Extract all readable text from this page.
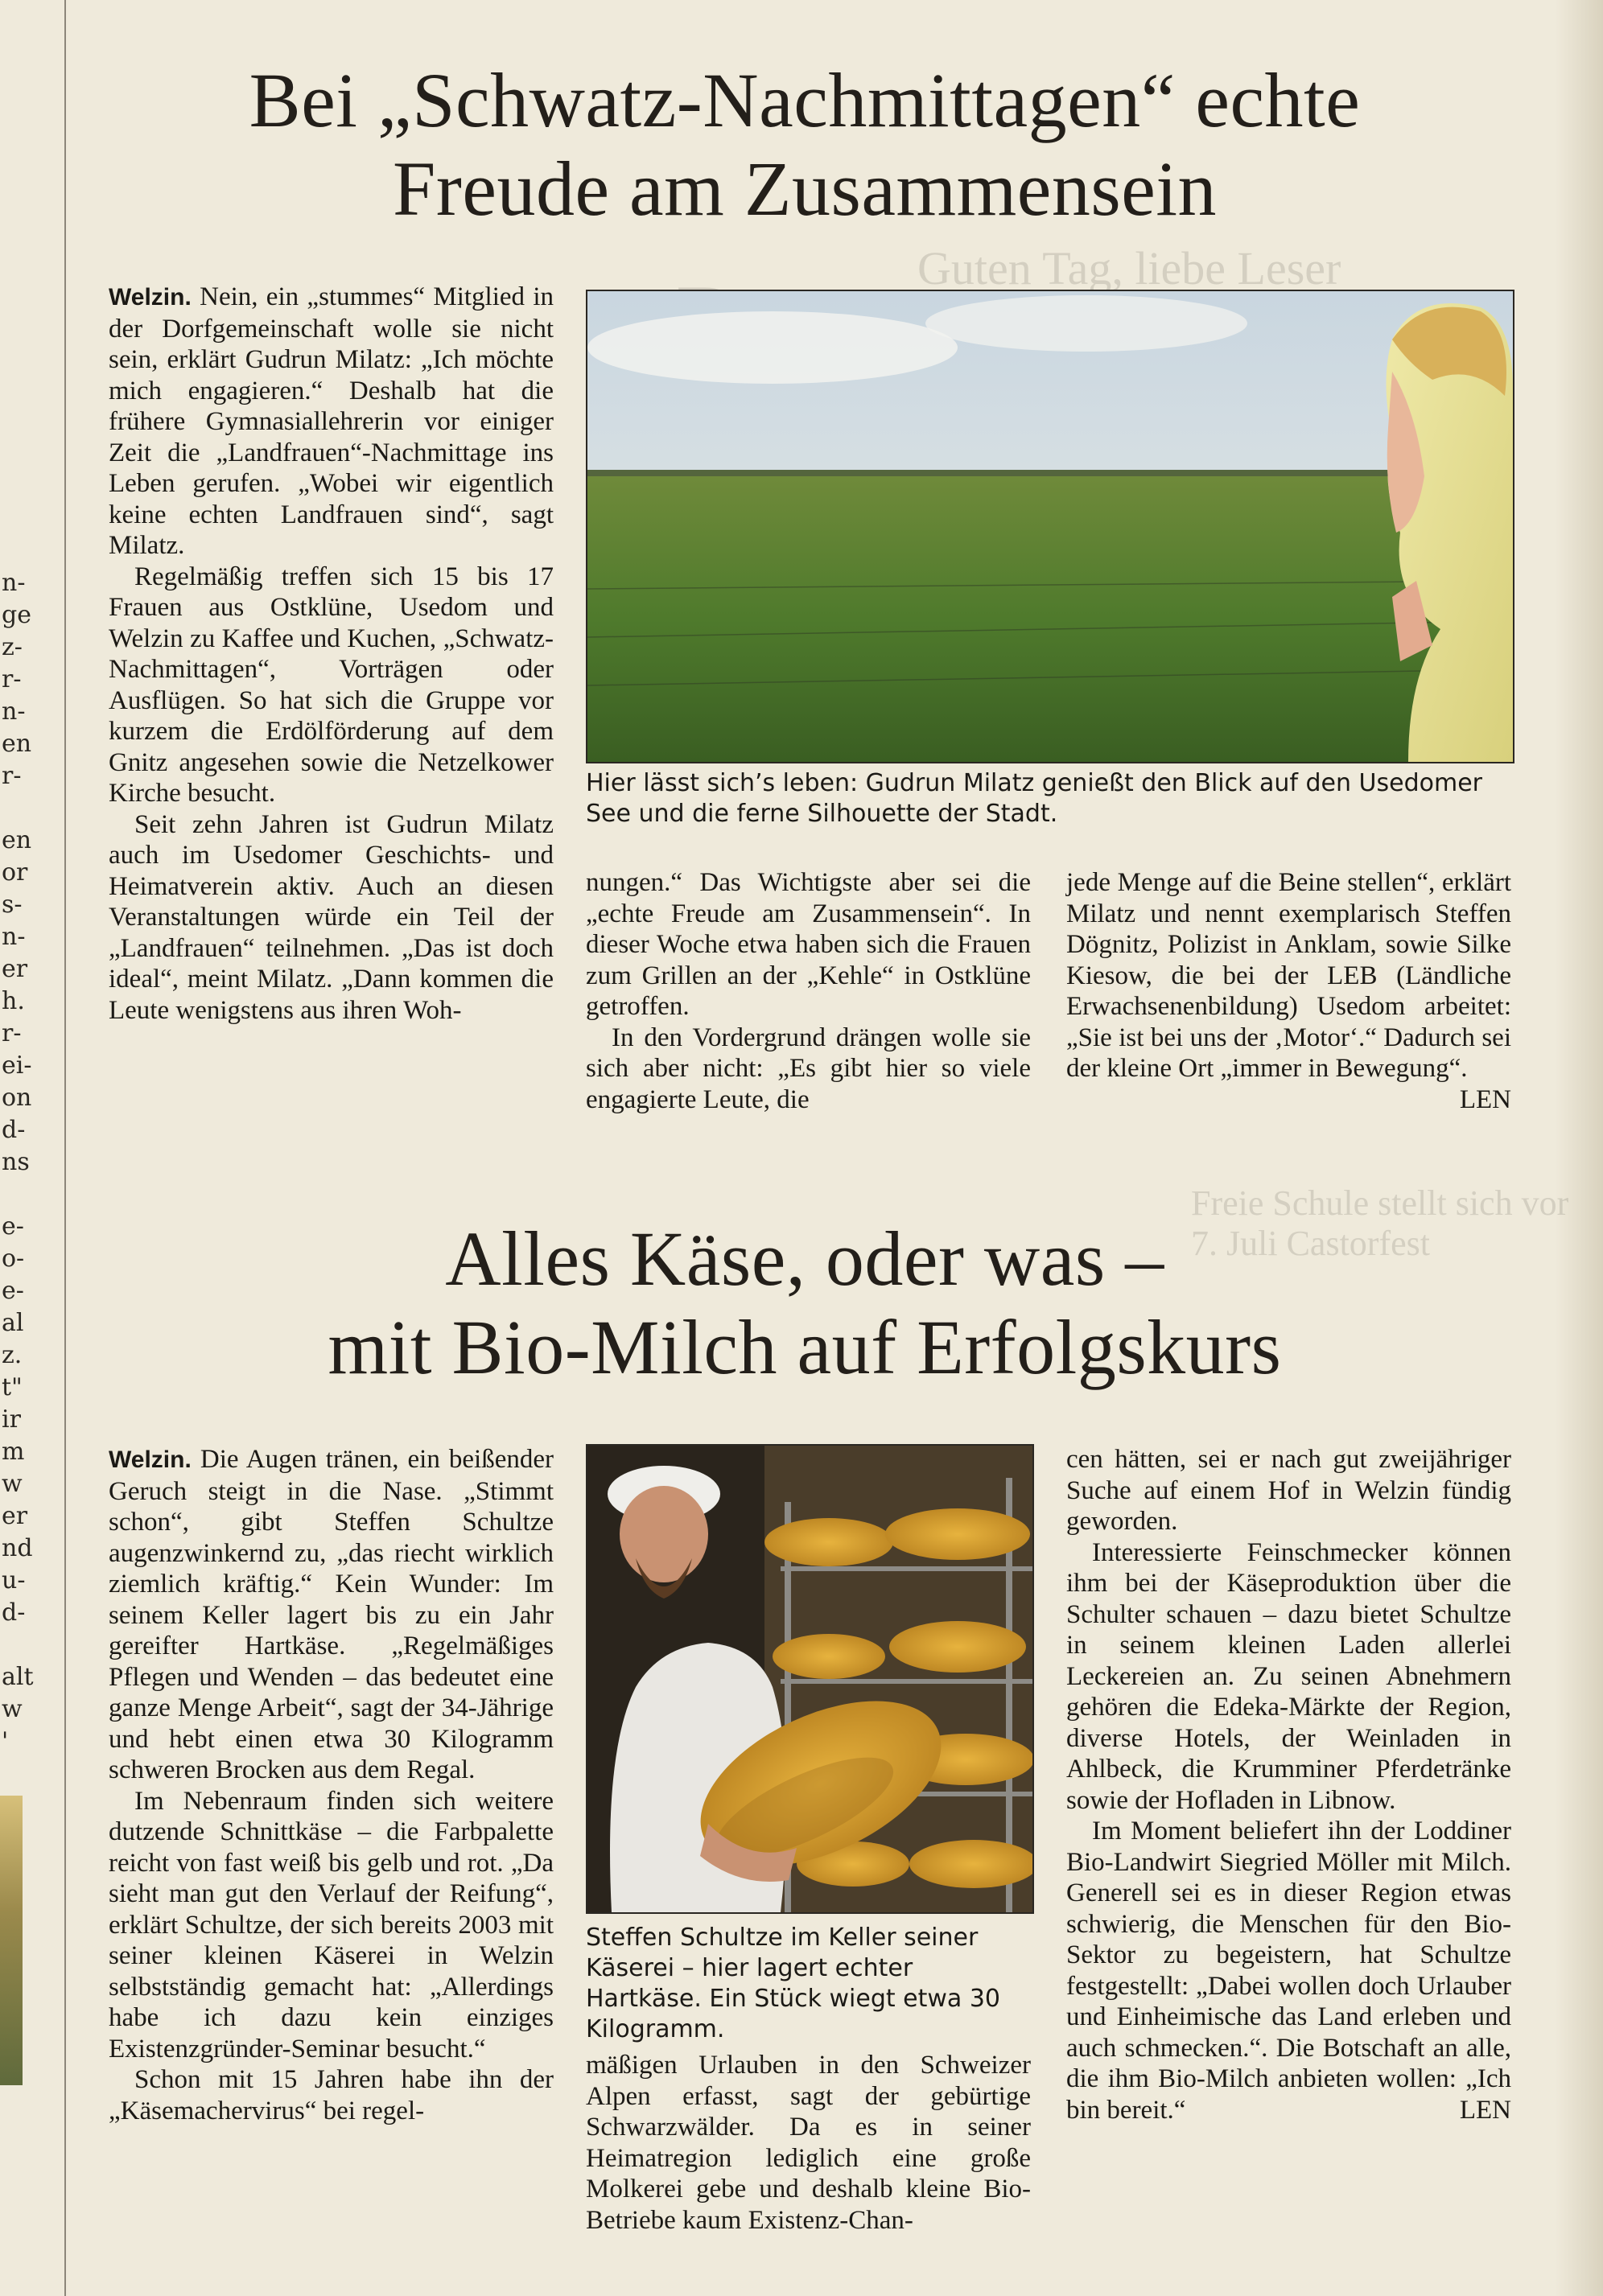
Guten Tag, liebe Leser
Freie Schule stellt sich vor
7. Juli Castorfest
n-
ge
z-
r-
n-
en
r-
en
or
s-
n-
er
h.
r-
ei-
on
d-
ns
e-
o-
e-
al
z.
t"
ir
m
w
er
nd
u-
d-
alt
w
'
Bei „Schwatz-Nachmittagen“ echte
Freude am Zusammensein

Welzin. Nein, ein „stummes“ Mitglied in der Dorfgemeinschaft wolle sie nicht sein, erklärt Gudrun Milatz: „Ich möchte mich engagieren.“ Deshalb hat die frühere Gymnasiallehrerin vor einiger Zeit die „Landfrauen“-Nachmittage ins Leben gerufen. „Wobei wir eigentlich keine echten Landfrauen sind“, sagt Milatz.

Regelmäßig treffen sich 15 bis 17 Frauen aus Ostklüne, Usedom und Welzin zu Kaffee und Kuchen, „Schwatz-Nachmittagen“, Vorträgen oder Ausflügen. So hat sich die Gruppe vor kurzem die Erdölförderung auf dem Gnitz angesehen sowie die Netzelkower Kirche besucht.

Seit zehn Jahren ist Gudrun Milatz auch im Usedomer Geschichts- und Heimatverein aktiv. Auch an diesen Veranstaltungen würde ein Teil der „Landfrauen“ teilnehmen. „Das ist doch ideal“, meint Milatz. „Dann kommen die Leute wenigstens aus ihren Woh-

Hier lässt sich’s leben: Gudrun Milatz genießt den Blick auf den Usedomer See und die ferne Silhouette der Stadt.

nungen.“ Das Wichtigste aber sei die „echte Freude am Zusammensein“. In dieser Woche etwa haben sich die Frauen zum Grillen an der „Kehle“ in Ostklüne getroffen.

In den Vordergrund drängen wolle sie sich aber nicht: „Es gibt hier so viele engagierte Leute, die

jede Menge auf die Beine stellen“, erklärt Milatz und nennt exemplarisch Steffen Dögnitz, Polizist in Anklam, sowie Silke Kiesow, die bei der LEB (Ländliche Erwachsenenbildung) Usedom arbeitet: „Sie ist bei uns der ‚Motor‘.“ Dadurch sei der kleine Ort „immer in Bewegung“.
LEN

Alles Käse, oder was –
mit Bio-Milch auf Erfolgskurs

Welzin. Die Augen tränen, ein beißender Geruch steigt in die Nase. „Stimmt schon“, gibt Steffen Schultze augenzwinkernd zu, „das riecht wirklich ziemlich kräftig.“ Kein Wunder: Im seinem Keller lagert bis zu ein Jahr gereifter Hartkäse. „Regelmäßiges Pflegen und Wenden – das bedeutet eine ganze Menge Arbeit“, sagt der 34-Jährige und hebt einen etwa 30 Kilogramm schweren Brocken aus dem Regal.

Im Nebenraum finden sich weitere dutzende Schnittkäse – die Farbpalette reicht von fast weiß bis gelb und rot. „Da sieht man gut den Verlauf der Reifung“, erklärt Schultze, der sich bereits 2003 mit seiner kleinen Käserei in Welzin selbstständig gemacht hat: „Allerdings habe ich dazu kein einziges Existenzgründer-Seminar besucht.“

Schon mit 15 Jahren habe ihn der „Käsemachervirus“ bei regel-

Steffen Schultze im Keller seiner Käserei – hier lagert echter Hartkäse. Ein Stück wiegt etwa 30 Kilogramm.

mäßigen Urlauben in den Schweizer Alpen erfasst, sagt der gebürtige Schwarzwälder. Da es in seiner Heimatregion lediglich eine große Molkerei gebe und deshalb kleine Bio-Betriebe kaum Existenz-Chan-

cen hätten, sei er nach gut zweijähriger Suche auf einem Hof in Welzin fündig geworden.

Interessierte Feinschmecker können ihm bei der Käseproduktion über die Schulter schauen – dazu bietet Schultze in seinem kleinen Laden allerlei Leckereien an. Zu seinen Abnehmern gehören die Edeka-Märkte der Region, diverse Hotels, der Weinladen in Ahlbeck, die Krumminer Pferdetränke sowie der Hofladen in Libnow.

Im Moment beliefert ihn der Loddiner Bio-Landwirt Siegried Möller mit Milch. Generell sei es in dieser Region etwas schwierig, die Menschen für den Bio-Sektor zu begeistern, hat Schultze festgestellt: „Dabei wollen doch Urlauber und Einheimische das Land erleben und auch schmecken.“. Die Botschaft an alle, die ihm Bio-Milch anbieten wollen: „Ich bin bereit.“	LEN
